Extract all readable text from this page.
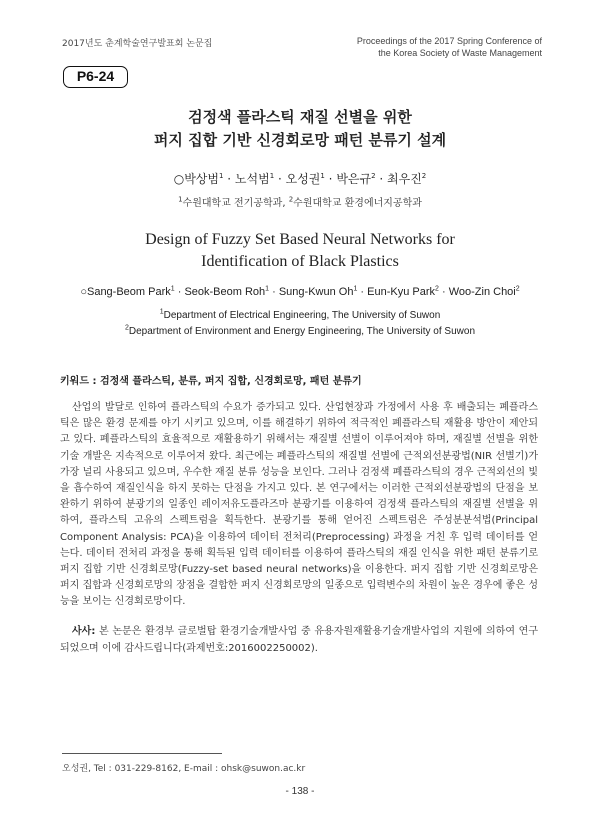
2017년도 춘계학술연구발표회 논문집	Proceedings of the 2017 Spring Conference of
the Korea Society of Waste Management
P6-24
검정색 플라스틱 재질 선별을 위한
퍼지 집합 기반 신경회로망 패턴 분류기 설계
○박상범$^1$ · 노석범$^1$ · 오성권$^1$ · 박은규$^2$ · 최우진$^2$
$^1$수원대학교 전기공학과, $^2$수원대학교 환경에너지공학과
Design of Fuzzy Set Based Neural Networks for
Identification of Black Plastics
○Sang-Beom Park$^1$ · Seok-Beom Roh$^1$ · Sung-Kwun $Oh^1 \cdot Eun-Kyu$ Park$^2$ · Woo-Zin Choi$^2$
$^1$Department of Electrical Engineering, The University of Suwon
$^2$Department of Environment and Energy Engineering, The University of Suwon
키워드 : 검정색 플라스틱, 분류, 퍼지 집합, 신경회로망, 패턴 분류기
산업의 발달로 인하여 플라스틱의 수요가 증가되고 있다. 산업현장과 가정에서 사용 후 배출되는 폐플라스틱은 많은 환경 문제를 야기 시키고 있으며, 이를 해결하기 위하여 적극적인 폐플라스틱 재활용 방안이 제안되고 있다. 폐플라스틱의 효율적으로 재활용하기 위해서는 재질별 선별이 이루어져야 하며, 재질별 선별을 위한 기술 개발은 지속적으로 이루어져 왔다. 최근에는 폐플라스틱의 재질별 선별에 근적외선분광법(NIR 선별기)가 가장 널리 사용되고 있으며, 우수한 재질 분류 성능을 보인다. 그러나 검정색 폐플라스틱의 경우 근적외선의 빛을 흡수하여 재질인식을 하지 못하는 단점을 가지고 있다. 본 연구에서는 이러한 근적외선분광법의 단점을 보완하기 위하여 분광기의 일종인 레이저유도플라즈마 분광기를 이용하여 검정색 플라스틱의 재질별 선별을 위하여, 플라스틱 고유의 스펙트럼을 획득한다. 분광기를 통해 얻어진 스펙트럼은 주성분분석법(Principal Component Analysis: PCA)을 이용하여 데이터 전처리(Preprocessing) 과정을 거친 후 입력 데이터를 얻는다. 데이터 전처리 과정을 통해 획득된 입력 데이터를 이용하여 플라스틱의 재질 인식을 위한 패턴 분류기로 퍼지 집합 기반 신경회로망(Fuzzy-set based neural networks)을 이용한다. 퍼지 집합 기반 신경회로망은 퍼지 집합과 신경회로망의 장점을 결합한 퍼지 신경회로망의 일종으로 입력변수의 차원이 높은 경우에 좋은 성능을 보이는 신경회로망이다.
사사: 본 논문은 환경부 글로벌탑 환경기술개발사업 중 유용자원재활용기술개발사업의 지원에 의하여 연구되었으며 이에 감사드립니다(과제번호:2016002250002).
오성권, Tel : 031-229-8162, E-mail : ohsk@suwon.ac.kr
- 138 -
